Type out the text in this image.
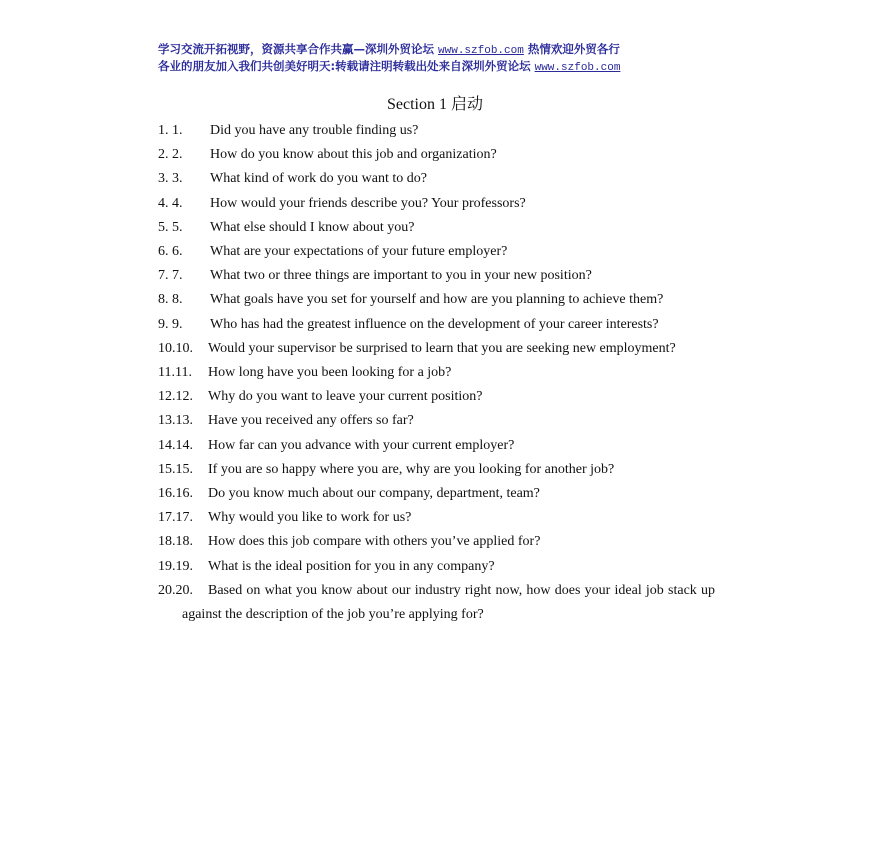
学习交流开拓视野，资源共享合作共赢—深圳外贸论坛 www.szfob.com 热情欢迎外贸各行
各业的朋友加入我们共创美好明天:转载请注明转载出处来自深圳外贸论坛 www.szfob.com
Section 1 启动

1. 1. Did you have any trouble finding us?

2. 2. How do you know about this job and organization?

3. 3. What kind of work do you want to do?

4. 4. How would your friends describe you? Your professors?

5. 5. What else should I know about you?

6. 6. What are your expectations of your future employer?

7. 7. What two or three things are important to you in your new position?

8. 8. What goals have you set for yourself and how are you planning to achieve them?

9. 9. Who has had the greatest influence on the development of your career interests?

10.10. Would your supervisor be surprised to learn that you are seeking new employment?

11.11. How long have you been looking for a job?

12.12. Why do you want to leave your current position?

13.13. Have you received any offers so far?

14.14. How far can you advance with your current employer?

15.15. If you are so happy where you are, why are you looking for another job?

16.16. Do you know much about our company, department, team?

17.17. Why would you like to work for us?

18.18. How does this job compare with others you’ve applied for?

19.19. What is the ideal position for you in any company?

20.20. Based on what you know about our industry right now, how does your ideal job stack up against the description of the job you’re applying for?
